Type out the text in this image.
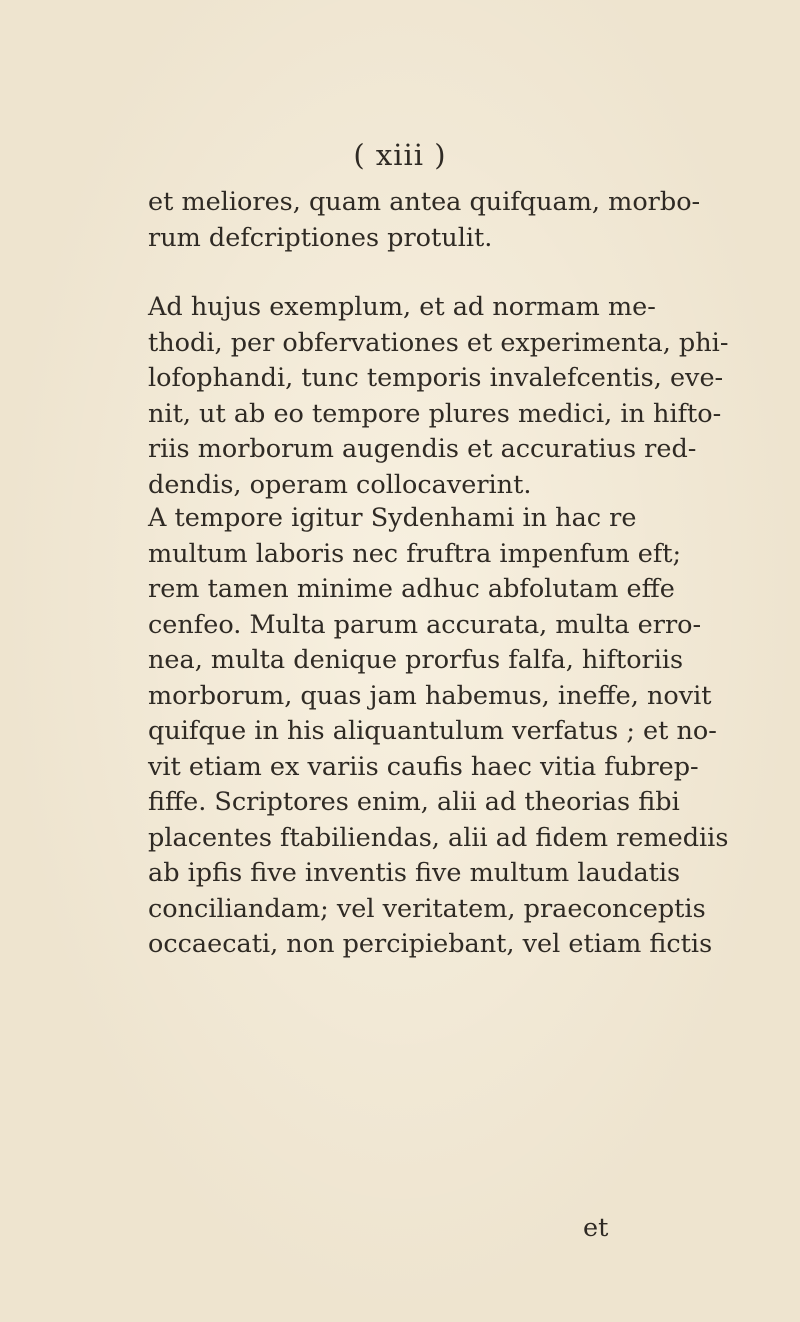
( xiii )
et meliores, quam antea quifquam, morbo-
rum defcriptiones protulit.
Ad hujus exemplum, et ad normam me-
thodi, per obfervationes et experimenta, phi-
lofophandi, tunc temporis invalefcentis, eve-
nit, ut ab eo tempore plures medici, in hifto-
riis morborum augendis et accuratius red-
dendis, operam collocaverint.
A tempore igitur Sydenhami in hac re
multum laboris nec fruftra impenfum eft;
rem tamen minime adhuc abfolutam effe
cenfeo. Multa parum accurata, multa erro-
nea, multa denique prorfus falfa, hiftoriis
morborum, quas jam habemus, ineffe, novit
quifque in his aliquantulum verfatus ; et no-
vit etiam ex variis caufis haec vitia fubrep-
fiffe. Scriptores enim, alii ad theorias fibi
placentes ftabiliendas, alii ad fidem remediis
ab ipfis five inventis five multum laudatis
conciliandam; vel veritatem, praeconceptis
occaecati, non percipiebant, vel etiam fictis
et
